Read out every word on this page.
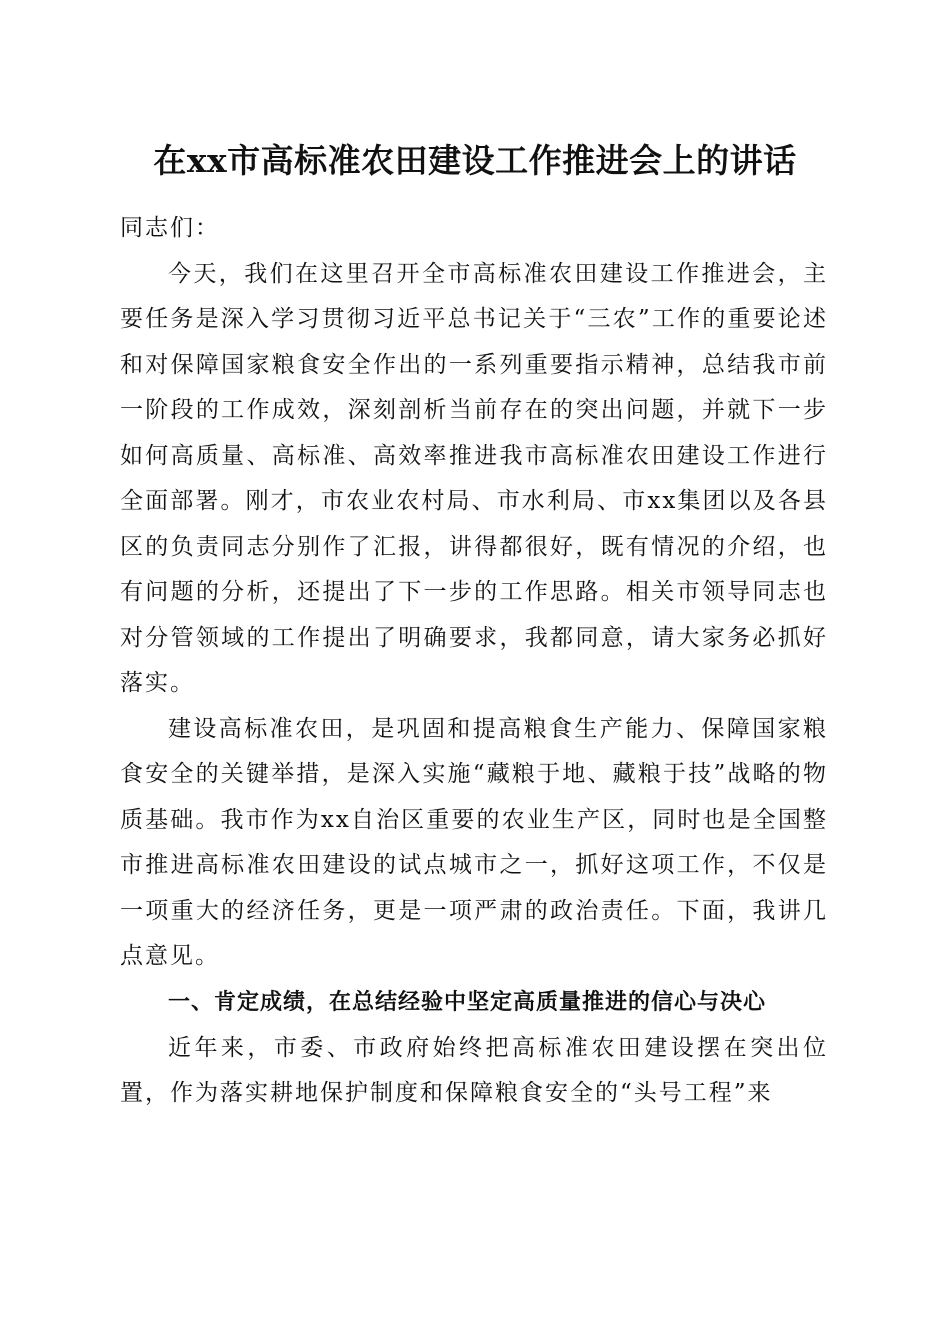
在xx市高标准农田建设工作推进会上的讲话

同志们：

今天，我们在这里召开全市高标准农田建设工作推进会，主要任务是深入学习贯彻习近平总书记关于“三农”工作的重要论述和对保障国家粮食安全作出的一系列重要指示精神，总结我市前一阶段的工作成效，深刻剖析当前存在的突出问题，并就下一步如何高质量、高标准、高效率推进我市高标准农田建设工作进行全面部署。刚才，市农业农村局、市水利局、市xx集团以及各县区的负责同志分别作了汇报，讲得都很好，既有情况的介绍，也有问题的分析，还提出了下一步的工作思路。相关市领导同志也对分管领域的工作提出了明确要求，我都同意，请大家务必抓好落实。

建设高标准农田，是巩固和提高粮食生产能力、保障国家粮食安全的关键举措，是深入实施“藏粮于地、藏粮于技”战略的物质基础。我市作为xx自治区重要的农业生产区，同时也是全国整市推进高标准农田建设的试点城市之一，抓好这项工作，不仅是一项重大的经济任务，更是一项严肃的政治责任。下面，我讲几点意见。

一、肯定成绩，在总结经验中坚定高质量推进的信心与决心

近年来，市委、市政府始终把高标准农田建设摆在突出位置，作为落实耕地保护制度和保障粮食安全的“头号工程”来
